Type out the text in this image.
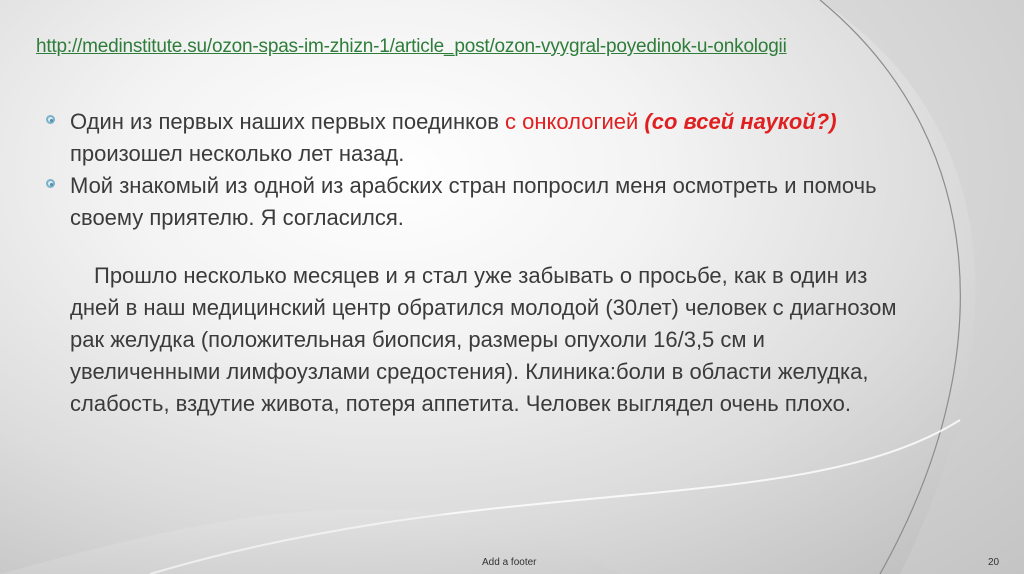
http://medinstitute.su/ozon-spas-im-zhizn-1/article_post/ozon-vyygral-poyedinok-u-onkologii

Один из первых наших первых поединков с онкологией (со всей наукой?) произошел несколько лет назад.

Мой знакомый из одной из арабских стран попросил меня осмотреть и помочь своему приятелю. Я согласился.

Прошло несколько месяцев и я стал уже забывать о просьбе, как в один из дней в наш медицинский центр обратился молодой (30лет) человек с диагнозом рак желудка (положительная биопсия, размеры опухоли 16/3,5 см и увеличенными лимфоузлами средостения). Клиника:боли в области желудка, слабость, вздутие живота, потеря аппетита. Человек выглядел очень плохо.

Add a footer	20
